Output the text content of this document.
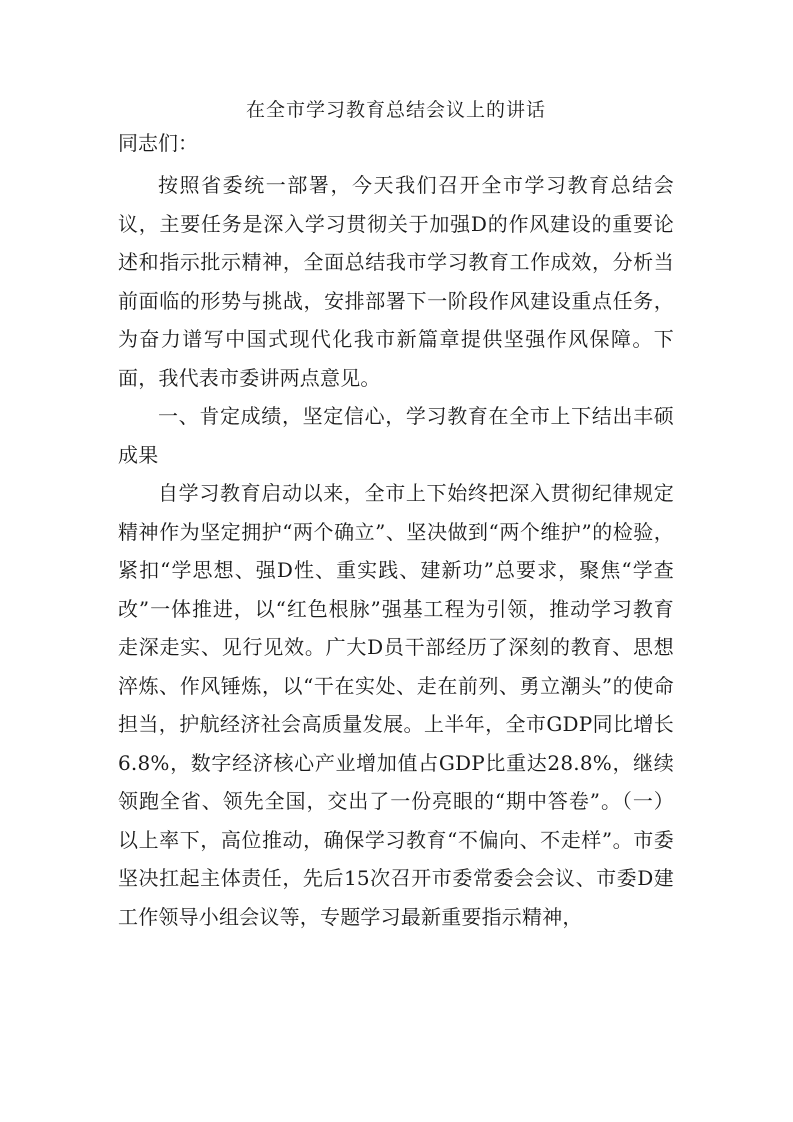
在全市学习教育总结会议上的讲话

同志们：

按照省委统一部署，今天我们召开全市学习教育总结会议，主要任务是深入学习贯彻关于加强D的作风建设的重要论述和指示批示精神，全面总结我市学习教育工作成效，分析当前面临的形势与挑战，安排部署下一阶段作风建设重点任务，为奋力谱写中国式现代化我市新篇章提供坚强作风保障。下面，我代表市委讲两点意见。

一、肯定成绩，坚定信心，学习教育在全市上下结出丰硕成果

自学习教育启动以来，全市上下始终把深入贯彻纪律规定精神作为坚定拥护“两个确立”、坚决做到“两个维护”的检验，紧扣“学思想、强D性、重实践、建新功”总要求，聚焦“学查改”一体推进，以“红色根脉”强基工程为引领，推动学习教育走深走实、见行见效。广大D员干部经历了深刻的教育、思想淬炼、作风锤炼，以“干在实处、走在前列、勇立潮头”的使命担当，护航经济社会高质量发展。上半年，全市GDP同比增长6.8%，数字经济核心产业增加值占GDP比重达28.8%，继续领跑全省、领先全国，交出了一份亮眼的“期中答卷”。（一）以上率下，高位推动，确保学习教育“不偏向、不走样”。市委坚决扛起主体责任，先后15次召开市委常委会会议、市委D建工作领导小组会议等，专题学习最新重要指示精神，
